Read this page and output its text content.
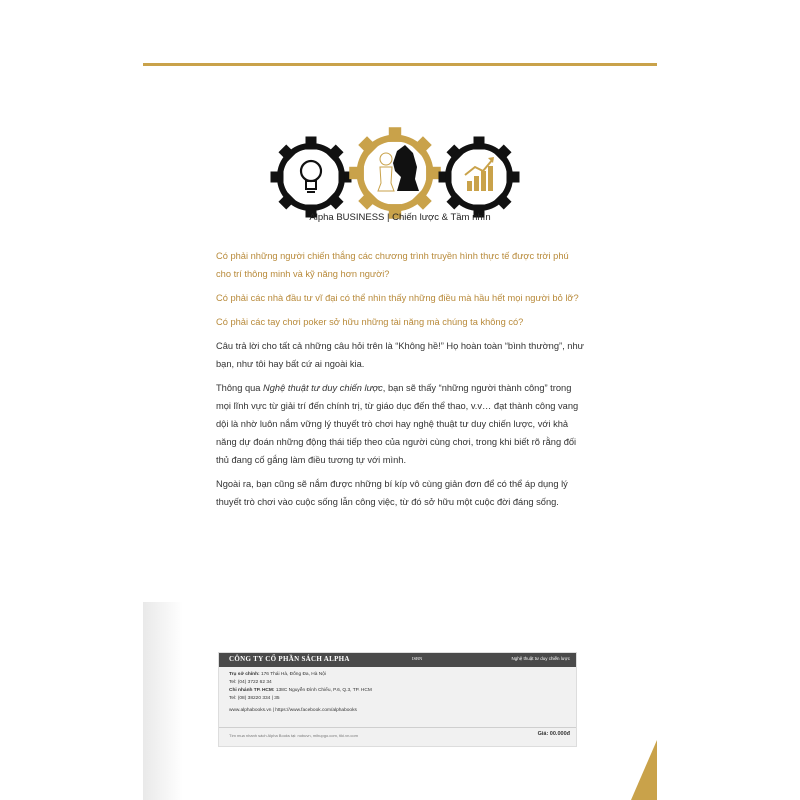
Alpha BUSINESS | Chiến lược & Tầm nhìn

Có phải những người chiến thắng các chương trình truyền hình thực tế được trời phú cho trí thông minh và kỹ năng hơn người?

Có phải các nhà đầu tư vĩ đại có thể nhìn thấy những điều mà hầu hết mọi người bỏ lỡ?

Có phải các tay chơi poker sở hữu những tài năng mà chúng ta không có?

Câu trả lời cho tất cả những câu hỏi trên là “Không hề!” Họ hoàn toàn “bình thường”, như bạn, như tôi hay bất cứ ai ngoài kia.

Thông qua Nghệ thuật tư duy chiến lược, bạn sẽ thấy “những người thành công” trong mọi lĩnh vực từ giải trí đến chính trị, từ giáo dục đến thể thao, v.v… đạt thành công vang dội là nhờ luôn nắm vững lý thuyết trò chơi hay nghệ thuật tư duy chiến lược, với khả năng dự đoán những động thái tiếp theo của người cùng chơi, trong khi biết rõ rằng đối thủ đang cố gắng làm điều tương tự với mình.

Ngoài ra, bạn cũng sẽ nắm được những bí kíp vô cùng giản đơn để có thể áp dụng lý thuyết trò chơi vào cuộc sống lẫn công việc, từ đó sở hữu một cuộc đời đáng sống.

CÔNG TY CỔ PHẦN SÁCH ALPHA	ISBN	Nghệ thuật tư duy chiến lược
Trụ sở chính: 176 Thái Hà, Đống Đa, Hà Nội
Tel: (04) 3722 62 34
Chi nhánh TP. HCM: 138C Nguyễn Đình Chiểu, P.6, Q.3, TP. HCM
Tel: (08) 38220 334 | 35
www.alphabooks.vn | https://www.facebook.com/alphabooks
Tìm mua nhanh sách Alpha Books tại: nobuvn, mihupgo.com, tiki.vn.com	Giá: 00.000đ
